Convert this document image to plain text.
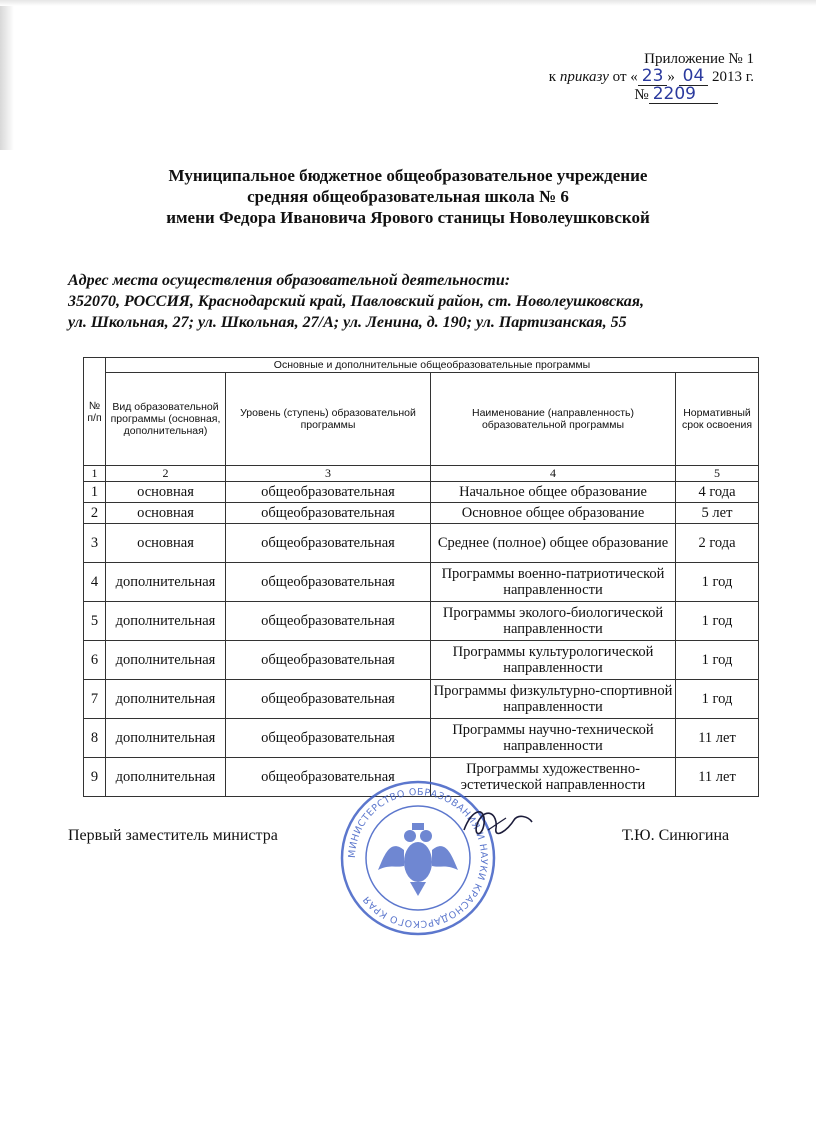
Приложение № 1
к приказу от « 23 » 04 2013 г.
№ 2209
Муниципальное бюджетное общеобразовательное учреждение
средняя общеобразовательная школа № 6
имени Федора Ивановича Ярового станицы Новолеушковской
Адрес места осуществления образовательной деятельности:
352070, РОССИЯ, Краснодарский край, Павловский район, ст. Новолеушковская,
ул. Школьная, 27; ул. Школьная, 27/А; ул. Ленина, д. 190; ул. Партизанская, 55
№ п/п	Основные и дополнительные общеобразовательные программы			
	Вид образовательной программы (основная, дополнительная)	Уровень (ступень) образовательной программы	Наименование (направленность) образовательной программы	Нормативный срок освоения
1	2	3	4	5
1	основная	общеобразовательная	Начальное общее образование	4 года
2	основная	общеобразовательная	Основное общее образование	5 лет
3	основная	общеобразовательная	Среднее (полное) общее образование	2 года
4	дополнительная	общеобразовательная	Программы военно-патриотической направленности	1 год
5	дополнительная	общеобразовательная	Программы эколого-биологической направленности	1 год
6	дополнительная	общеобразовательная	Программы культурологической направленности	1 год
7	дополнительная	общеобразовательная	Программы физкультурно-спортивной направленности	1 год
8	дополнительная	общеобразовательная	Программы научно-технической направленности	11 лет
9	дополнительная	общеобразовательная	Программы художественно-эстетической направленности	11 лет
Первый заместитель министра	Т.Ю. Синюгина
МИНИСТЕРСТВО ОБРАЗОВАНИЯ И НАУКИ КРАСНОДАРСКОГО КРАЯ
